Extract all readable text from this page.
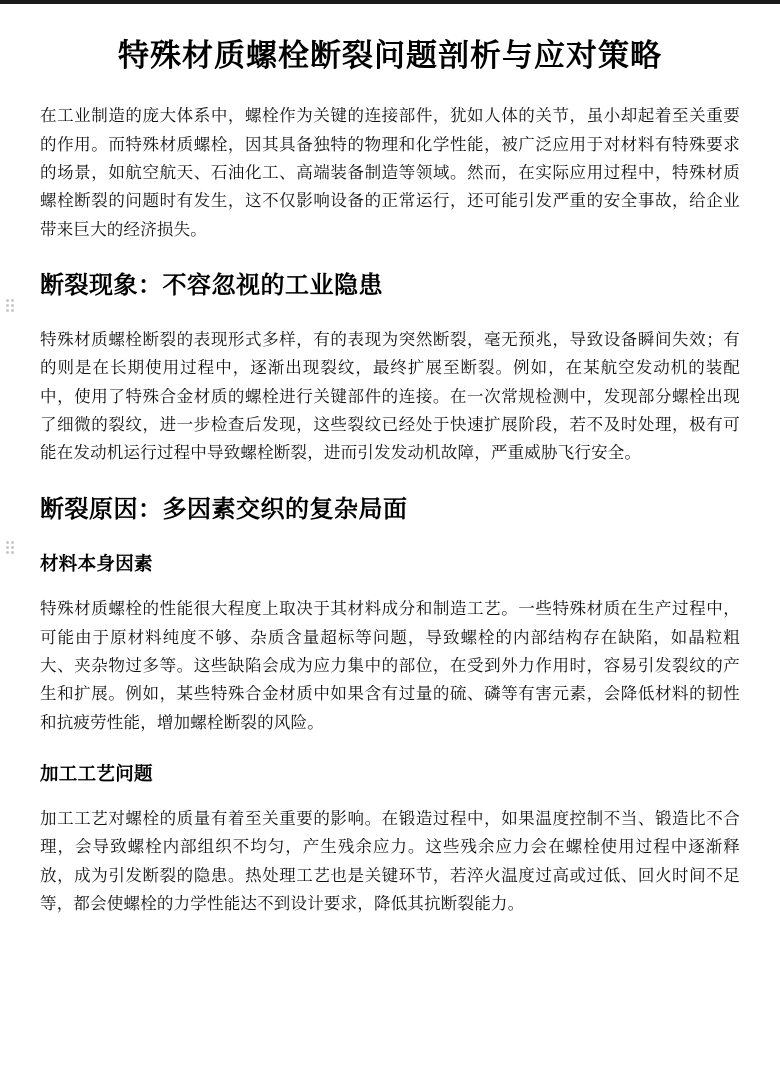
特殊材质螺栓断裂问题剖析与应对策略

在工业制造的庞大体系中，螺栓作为关键的连接部件，犹如人体的关节，虽小却起着至关重要的作用。而特殊材质螺栓，因其具备独特的物理和化学性能，被广泛应用于对材料有特殊要求的场景，如航空航天、石油化工、高端装备制造等领域。然而，在实际应用过程中，特殊材质螺栓断裂的问题时有发生，这不仅影响设备的正常运行，还可能引发严重的安全事故，给企业带来巨大的经济损失。

断裂现象：不容忽视的工业隐患

特殊材质螺栓断裂的表现形式多样，有的表现为突然断裂，毫无预兆，导致设备瞬间失效；有的则是在长期使用过程中，逐渐出现裂纹，最终扩展至断裂。例如，在某航空发动机的装配中，使用了特殊合金材质的螺栓进行关键部件的连接。在一次常规检测中，发现部分螺栓出现了细微的裂纹，进一步检查后发现，这些裂纹已经处于快速扩展阶段，若不及时处理，极有可能在发动机运行过程中导致螺栓断裂，进而引发发动机故障，严重威胁飞行安全。

断裂原因：多因素交织的复杂局面
材料本身因素

特殊材质螺栓的性能很大程度上取决于其材料成分和制造工艺。一些特殊材质在生产过程中，可能由于原材料纯度不够、杂质含量超标等问题，导致螺栓的内部结构存在缺陷，如晶粒粗大、夹杂物过多等。这些缺陷会成为应力集中的部位，在受到外力作用时，容易引发裂纹的产生和扩展。例如，某些特殊合金材质中如果含有过量的硫、磷等有害元素，会降低材料的韧性和抗疲劳性能，增加螺栓断裂的风险。

加工工艺问题

加工工艺对螺栓的质量有着至关重要的影响。在锻造过程中，如果温度控制不当、锻造比不合理，会导致螺栓内部组织不均匀，产生残余应力。这些残余应力会在螺栓使用过程中逐渐释放，成为引发断裂的隐患。热处理工艺也是关键环节，若淬火温度过高或过低、回火时间不足等，都会使螺栓的力学性能达不到设计要求，降低其抗断裂能力。
